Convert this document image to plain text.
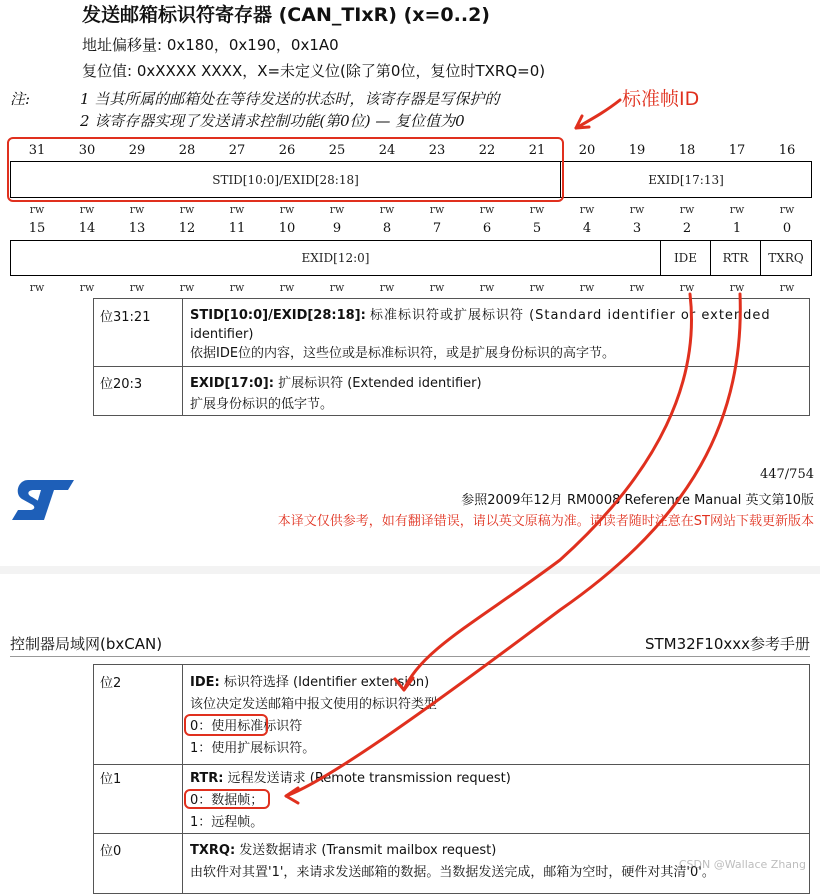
发送邮箱标识符寄存器 (CAN_TIxR) (x=0..2)
地址偏移量: 0x180，0x190，0x1A0
复位值: 0xXXXX XXXX，X=未定义位(除了第0位，复位时TXRQ=0)
注:	1 当其所属的邮箱处在等待发送的状态时，该寄存器是写保护的
2 该寄存器实现了发送请求控制功能(第0位) — 复位值为0
标准帧ID
31	30	29	28	27	26	25	24	23	22	21	20	19	18	17	16
STID[10:0]/EXID[28:18]	EXID[17:13]
rw	rw	rw	rw	rw	rw	rw	rw	rw	rw	rw	rw	rw	rw	rw	rw
15	14	13	12	11	10	9	8	7	6	5	4	3	2	1	0
EXID[12:0]	IDE	RTR	TXRQ
rw	rw	rw	rw	rw	rw	rw	rw	rw	rw	rw	rw	rw	rw	rw	rw
位31:21	STID[10:0]/EXID[28:18]: 标准标识符或扩展标识符 (Standard identifier or extended
identifier)
依据IDE位的内容，这些位或是标准标识符，或是扩展身份标识的高字节。
位20:3	EXID[17:0]: 扩展标识符 (Extended identifier)
扩展身份标识的低字节。
447/754
参照2009年12月 RM0008 Reference Manual 英文第10版
本译文仅供参考，如有翻译错误，请以英文原稿为准。请读者随时注意在ST网站下载更新版本
控制器局域网(bxCAN)	STM32F10xxx参考手册
位2	IDE: 标识符选择 (Identifier extension)
该位决定发送邮箱中报文使用的标识符类型
0：使用标准标识符
1：使用扩展标识符。
位1	RTR: 远程发送请求 (Remote transmission request)
0：数据帧；
1：远程帧。
位0	TXRQ: 发送数据请求 (Transmit mailbox request)
由软件对其置'1'，来请求发送邮箱的数据。当数据发送完成，邮箱为空时，硬件对其清'0'。
CSDN @Wallace Zhang
